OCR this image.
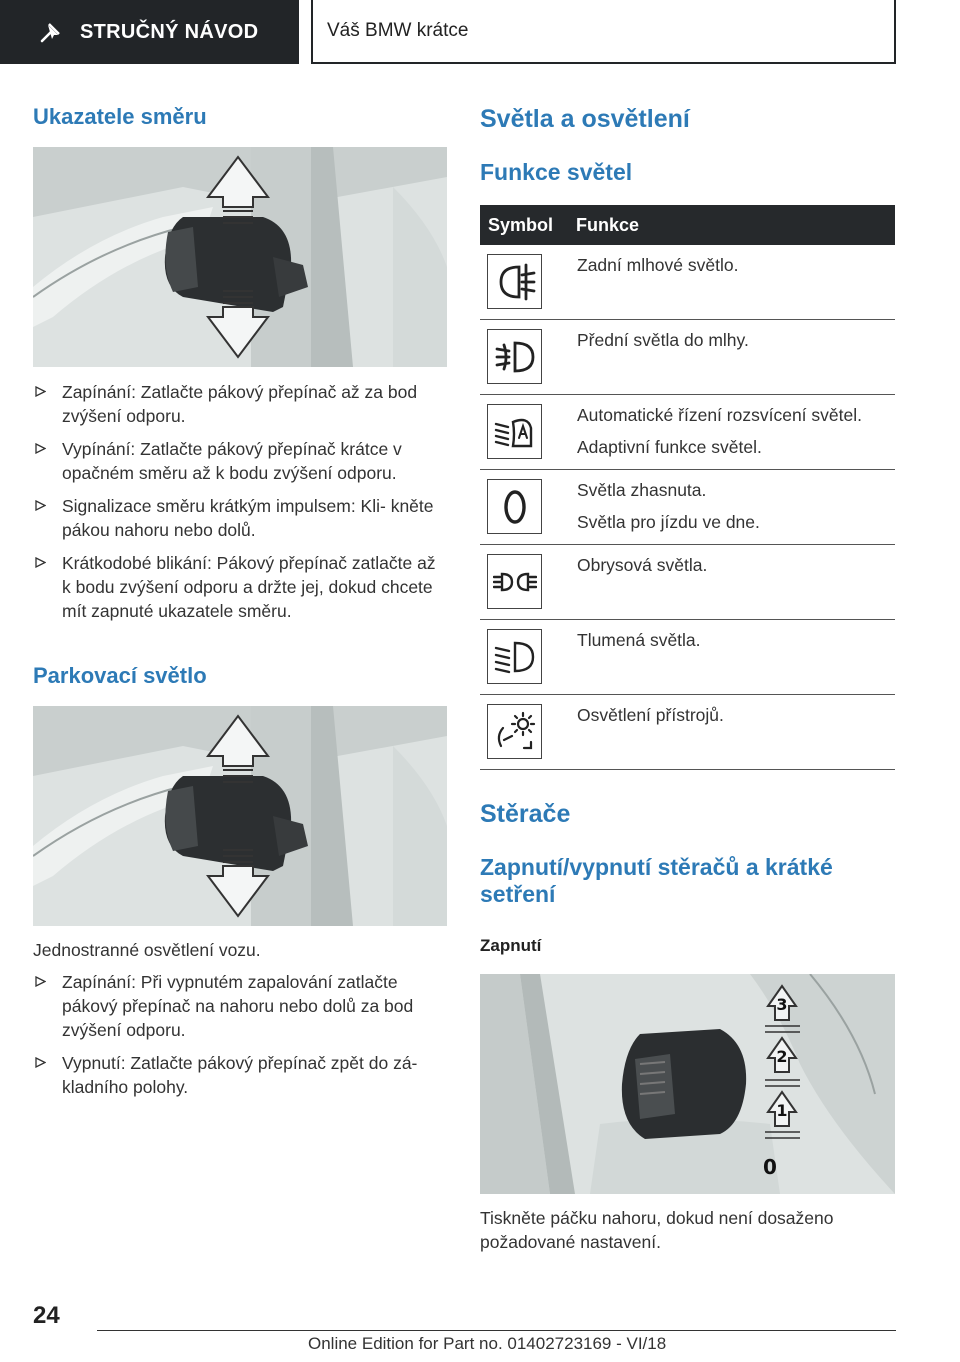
STRUČNÝ NÁVOD	Váš BMW krátce
Ukazatele směru
Zapínání: Zatlačte pákový přepínač až za bod zvýšení odporu.
Vypínání: Zatlačte pákový přepínač krátce v opačném směru až k bodu zvýšení odporu.
Signalizace směru krátkým impulsem: Kli‐ kněte pákou nahoru nebo dolů.
Krátkodobé blikání: Pákový přepínač zatlačte až k bodu zvýšení odporu a držte jej, dokud chcete mít zapnuté ukazatele směru.
Parkovací světlo
Jednostranné osvětlení vozu.
Zapínání: Při vypnutém zapalování zatlačte pákový přepínač na nahoru nebo dolů za bod zvýšení odporu.
Vypnutí: Zatlačte pákový přepínač zpět do zá‐ kladního polohy.
Světla a osvětlení
Funkce světel
Symbol	Funkce
Zadní mlhové světlo.
Přední světla do mlhy.
Automatické řízení rozsvícení světel.
Adaptivní funkce světel.
Světla zhasnuta.
Světla pro jízdu ve dne.
Obrysová světla.
Tlumená světla.
Osvětlení přístrojů.
Stěrače
Zapnutí/vypnutí stěračů a krátké setření
Zapnutí
3
2
1
0
Tiskněte páčku nahoru, dokud není dosaženo požadované nastavení.
24
Online Edition for Part no. 01402723169 - VI/18
